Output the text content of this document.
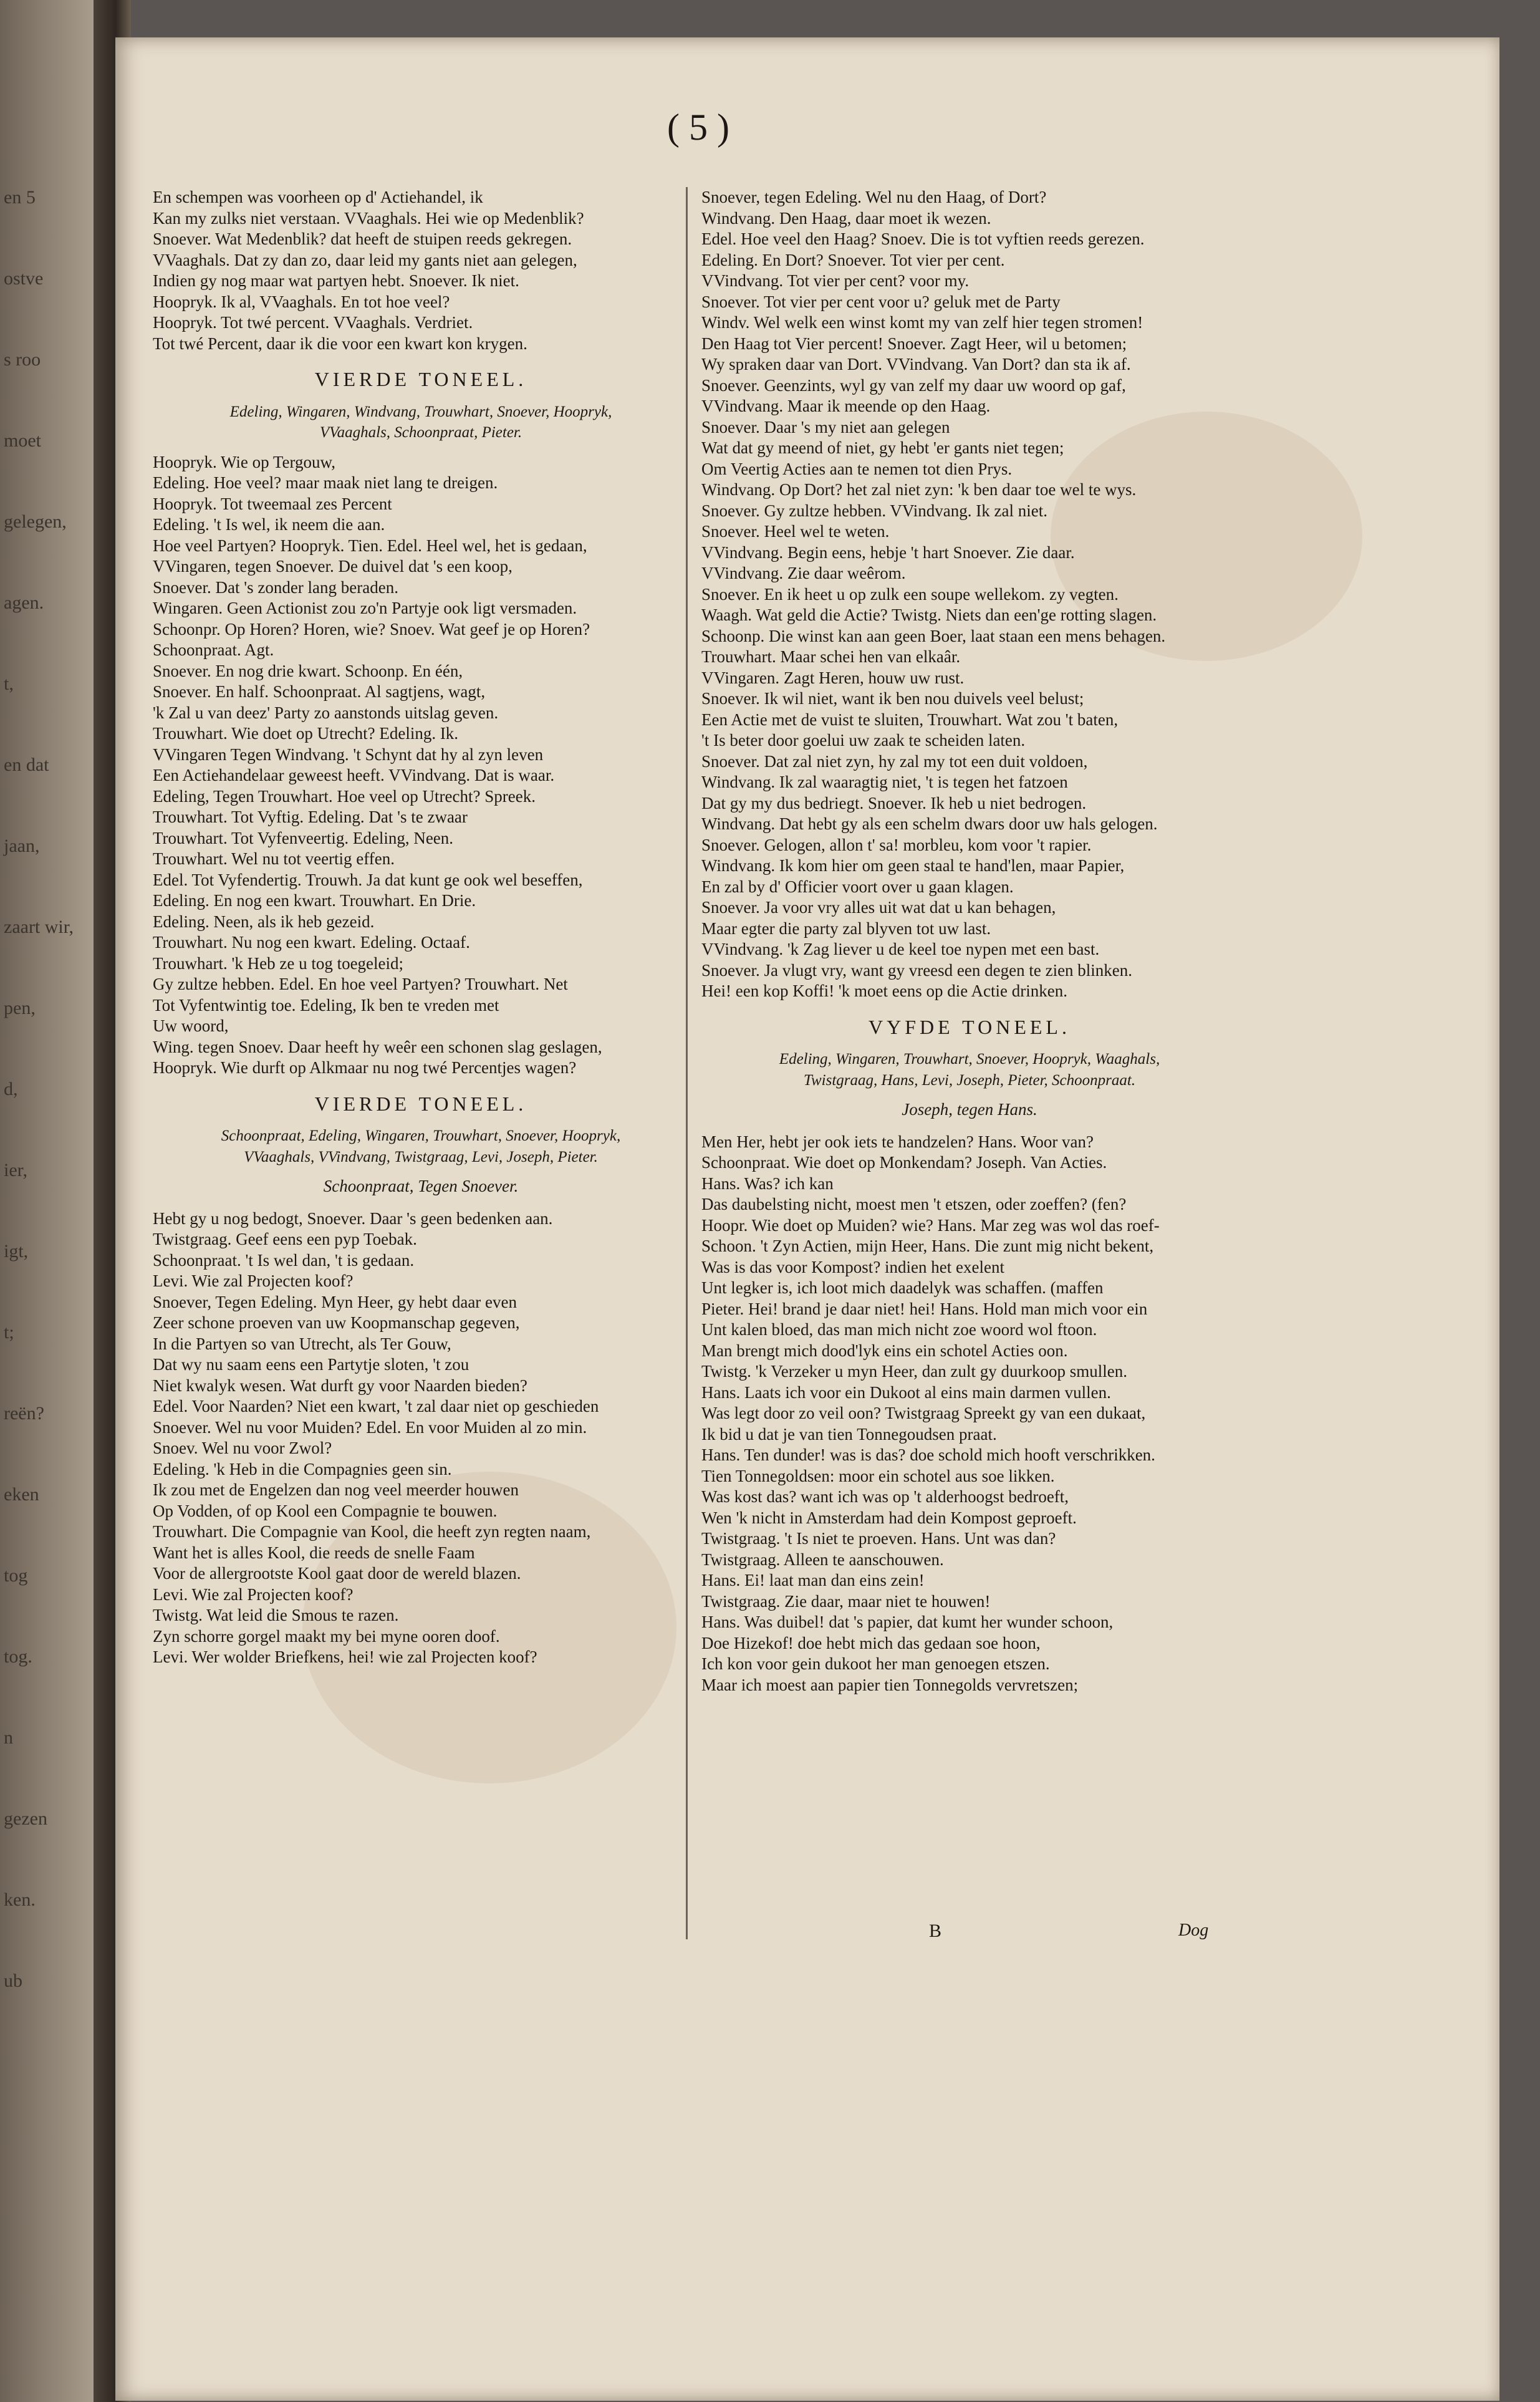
en 5
ostve
s roo
moet
gelegen,
agen.
t,
en dat
jaan,
zaart wir,
pen,
d,
ier,
igt,
t;
reën?
eken
tog
tog.
n
gezen
ken.
ub
( 5 )
En schempen was voorheen op d' Actiehandel, ik
Kan my zulks niet verstaan. VVaaghals. Hei wie op Medenblik?
Snoever. Wat Medenblik? dat heeft de stuipen reeds gekregen.
VVaaghals. Dat zy dan zo, daar leid my gants niet aan gelegen,
Indien gy nog maar wat partyen hebt. Snoever. Ik niet.
Hoopryk. Ik al, VVaaghals. En tot hoe veel?
Hoopryk. Tot twé percent. VVaaghals. Verdriet.
Tot twé Percent, daar ik die voor een kwart kon krygen.
VIERDE TONEEL.
Edeling, Wingaren, Windvang, Trouwhart, Snoever, Hoopryk,
VVaaghals, Schoonpraat, Pieter.
Hoopryk. Wie op Tergouw,
Edeling. Hoe veel? maar maak niet lang te dreigen.
Hoopryk. Tot tweemaal zes Percent
Edeling. 't Is wel, ik neem die aan.
Hoe veel Partyen? Hoopryk. Tien. Edel. Heel wel, het is gedaan,
VVingaren, tegen Snoever. De duivel dat 's een koop,
Snoever. Dat 's zonder lang beraden.
Wingaren. Geen Actionist zou zo'n Partyje ook ligt versmaden.
Schoonpr. Op Horen? Horen, wie? Snoev. Wat geef je op Horen?
Schoonpraat. Agt.
Snoever. En nog drie kwart. Schoonp. En één,
Snoever. En half. Schoonpraat. Al sagtjens, wagt,
'k Zal u van deez' Party zo aanstonds uitslag geven.
Trouwhart. Wie doet op Utrecht? Edeling. Ik.
VVingaren Tegen Windvang. 't Schynt dat hy al zyn leven
Een Actiehandelaar geweest heeft. VVindvang. Dat is waar.
Edeling, Tegen Trouwhart. Hoe veel op Utrecht? Spreek.
Trouwhart. Tot Vyftig. Edeling. Dat 's te zwaar
Trouwhart. Tot Vyfenveertig. Edeling, Neen.
Trouwhart. Wel nu tot veertig effen.
Edel. Tot Vyfendertig. Trouwh. Ja dat kunt ge ook wel beseffen,
Edeling. En nog een kwart. Trouwhart. En Drie.
Edeling. Neen, als ik heb gezeid.
Trouwhart. Nu nog een kwart. Edeling. Octaaf.
Trouwhart. 'k Heb ze u tog toegeleid;
Gy zultze hebben. Edel. En hoe veel Partyen? Trouwhart. Net
Tot Vyfentwintig toe. Edeling, Ik ben te vreden met
Uw woord,
Wing. tegen Snoev. Daar heeft hy weêr een schonen slag geslagen,
Hoopryk. Wie durft op Alkmaar nu nog twé Percentjes wagen?
VIERDE TONEEL.
Schoonpraat, Edeling, Wingaren, Trouwhart, Snoever, Hoopryk,
VVaaghals, VVindvang, Twistgraag, Levi, Joseph, Pieter.
Schoonpraat, Tegen Snoever.
Hebt gy u nog bedogt, Snoever. Daar 's geen bedenken aan.
Twistgraag. Geef eens een pyp Toebak.
Schoonpraat. 't Is wel dan, 't is gedaan.
Levi. Wie zal Projecten koof?
Snoever, Tegen Edeling. Myn Heer, gy hebt daar even
Zeer schone proeven van uw Koopmanschap gegeven,
In die Partyen so van Utrecht, als Ter Gouw,
Dat wy nu saam eens een Partytje sloten, 't zou
Niet kwalyk wesen. Wat durft gy voor Naarden bieden?
Edel. Voor Naarden? Niet een kwart, 't zal daar niet op geschieden
Snoever. Wel nu voor Muiden? Edel. En voor Muiden al zo min.
Snoev. Wel nu voor Zwol?
Edeling. 'k Heb in die Compagnies geen sin.
Ik zou met de Engelzen dan nog veel meerder houwen
Op Vodden, of op Kool een Compagnie te bouwen.
Trouwhart. Die Compagnie van Kool, die heeft zyn regten naam,
Want het is alles Kool, die reeds de snelle Faam
Voor de allergrootste Kool gaat door de wereld blazen.
Levi. Wie zal Projecten koof?
Twistg. Wat leid die Smous te razen.
Zyn schorre gorgel maakt my bei myne ooren doof.
Levi. Wer wolder Briefkens, hei! wie zal Projecten koof?
Snoever, tegen Edeling. Wel nu den Haag, of Dort?
Windvang. Den Haag, daar moet ik wezen.
Edel. Hoe veel den Haag? Snoev. Die is tot vyftien reeds gerezen.
Edeling. En Dort? Snoever. Tot vier per cent.
VVindvang. Tot vier per cent? voor my.
Snoever. Tot vier per cent voor u? geluk met de Party
Windv. Wel welk een winst komt my van zelf hier tegen stromen!
Den Haag tot Vier percent! Snoever. Zagt Heer, wil u betomen;
Wy spraken daar van Dort. VVindvang. Van Dort? dan sta ik af.
Snoever. Geenzints, wyl gy van zelf my daar uw woord op gaf,
VVindvang. Maar ik meende op den Haag.
Snoever. Daar 's my niet aan gelegen
Wat dat gy meend of niet, gy hebt 'er gants niet tegen;
Om Veertig Acties aan te nemen tot dien Prys.
Windvang. Op Dort? het zal niet zyn: 'k ben daar toe wel te wys.
Snoever. Gy zultze hebben. VVindvang. Ik zal niet.
Snoever. Heel wel te weten.
VVindvang. Begin eens, hebje 't hart Snoever. Zie daar.
VVindvang. Zie daar weêrom.
Snoever. En ik heet u op zulk een soupe wellekom. zy vegten.
Waagh. Wat geld die Actie? Twistg. Niets dan een'ge rotting slagen.
Schoonp. Die winst kan aan geen Boer, laat staan een mens behagen.
Trouwhart. Maar schei hen van elkaâr.
VVingaren. Zagt Heren, houw uw rust.
Snoever. Ik wil niet, want ik ben nou duivels veel belust;
Een Actie met de vuist te sluiten, Trouwhart. Wat zou 't baten,
't Is beter door goelui uw zaak te scheiden laten.
Snoever. Dat zal niet zyn, hy zal my tot een duit voldoen,
Windvang. Ik zal waaragtig niet, 't is tegen het fatzoen
Dat gy my dus bedriegt. Snoever. Ik heb u niet bedrogen.
Windvang. Dat hebt gy als een schelm dwars door uw hals gelogen.
Snoever. Gelogen, allon t' sa! morbleu, kom voor 't rapier.
Windvang. Ik kom hier om geen staal te hand'len, maar Papier,
En zal by d' Officier voort over u gaan klagen.
Snoever. Ja voor vry alles uit wat dat u kan behagen,
Maar egter die party zal blyven tot uw last.
VVindvang. 'k Zag liever u de keel toe nypen met een bast.
Snoever. Ja vlugt vry, want gy vreesd een degen te zien blinken.
Hei! een kop Koffi! 'k moet eens op die Actie drinken.
VYFDE TONEEL.
Edeling, Wingaren, Trouwhart, Snoever, Hoopryk, Waaghals,
Twistgraag, Hans, Levi, Joseph, Pieter, Schoonpraat.
Joseph, tegen Hans.
Men Her, hebt jer ook iets te handzelen? Hans. Woor van?
Schoonpraat. Wie doet op Monkendam? Joseph. Van Acties.
Hans. Was? ich kan
Das daubelsting nicht, moest men 't etszen, oder zoeffen? (fen?
Hoopr. Wie doet op Muiden? wie? Hans. Mar zeg was wol das roef-
Schoon. 't Zyn Actien, mijn Heer, Hans. Die zunt mig nicht bekent,
Was is das voor Kompost? indien het exelent
Unt legker is, ich loot mich daadelyk was schaffen. (maffen
Pieter. Hei! brand je daar niet! hei! Hans. Hold man mich voor ein
Unt kalen bloed, das man mich nicht zoe woord wol ftoon.
Man brengt mich dood'lyk eins ein schotel Acties oon.
Twistg. 'k Verzeker u myn Heer, dan zult gy duurkoop smullen.
Hans. Laats ich voor ein Dukoot al eins main darmen vullen.
Was legt door zo veil oon? Twistgraag Spreekt gy van een dukaat,
Ik bid u dat je van tien Tonnegoudsen praat.
Hans. Ten dunder! was is das? doe schold mich hooft verschrikken.
Tien Tonnegoldsen: moor ein schotel aus soe likken.
Was kost das? want ich was op 't alderhoogst bedroeft,
Wen 'k nicht in Amsterdam had dein Kompost geproeft.
Twistgraag. 't Is niet te proeven. Hans. Unt was dan?
Twistgraag. Alleen te aanschouwen.
Hans. Ei! laat man dan eins zein!
Twistgraag. Zie daar, maar niet te houwen!
Hans. Was duibel! dat 's papier, dat kumt her wunder schoon,
Doe Hizekof! doe hebt mich das gedaan soe hoon,
Ich kon voor gein dukoot her man genoegen etszen.
Maar ich moest aan papier tien Tonnegolds vervretszen;
B	Dog
